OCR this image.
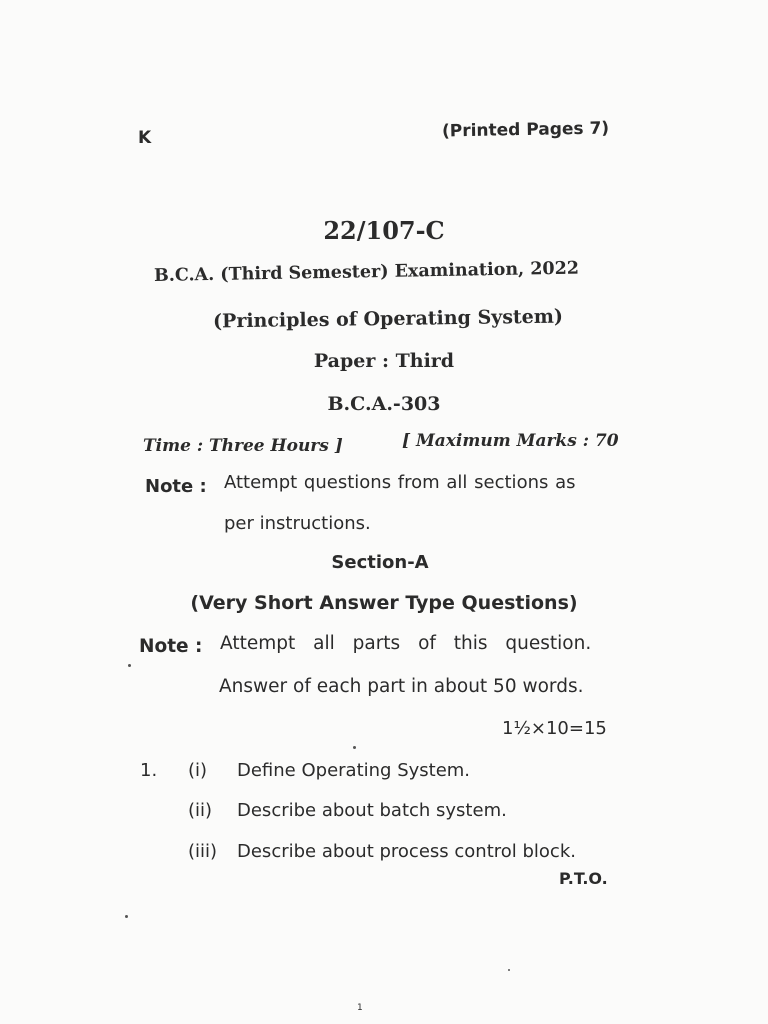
K	(Printed Pages 7)
22/107-C
B.C.A. (Third Semester) Examination, 2022
(Principles of Operating System)
Paper : Third
B.C.A.-303
Time : Three Hours ]	[ Maximum Marks : 70
Note : Attempt questions from all sections as
per instructions.
Section-A
(Very Short Answer Type Questions)
Note : Attempt all parts of this question.
Answer of each part in about 50 words.
1½×10=15
1. (i) Define Operating System.
(ii) Describe about batch system.
(iii) Describe about process control block.
P.T.O.
1
